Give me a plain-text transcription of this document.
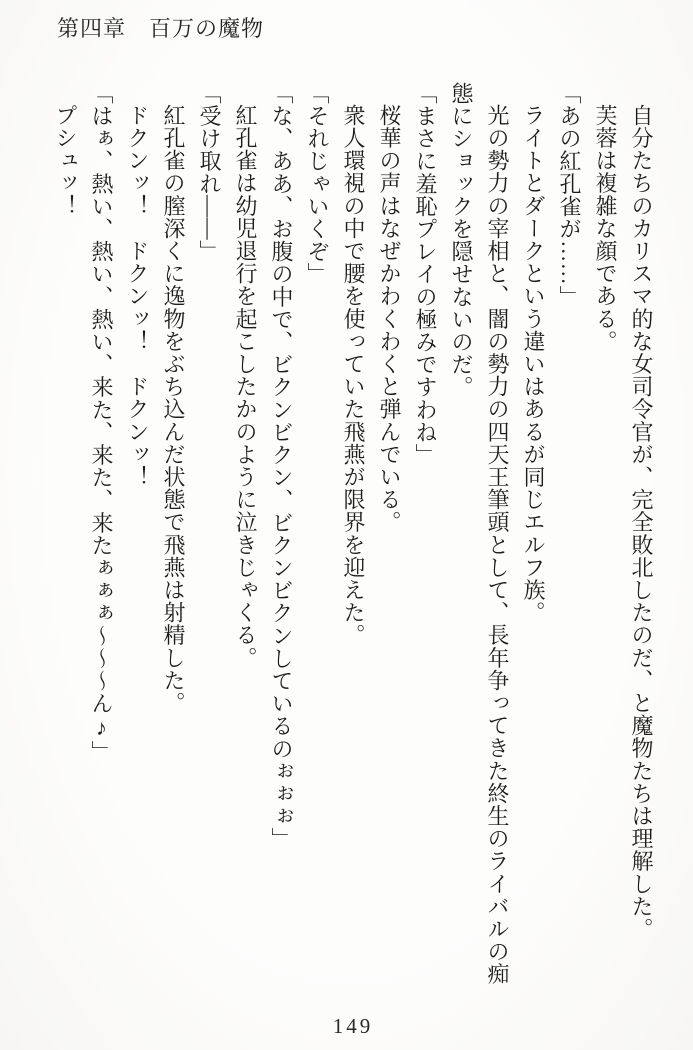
第四章　百万の魔物

自分たちのカリスマ的な女司令官が、完全敗北したのだ、と魔物たちは理解した。

芙蓉は複雑な顔である。

「あの紅孔雀が……」

ライトとダークという違いはあるが同じエルフ族。

光の勢力の宰相と、闇の勢力の四天王筆頭として、長年争ってきた終生のライバルの痴態にショックを隠せないのだ。

「まさに羞恥プレイの極みですわね」

桜華の声はなぜかわくわくと弾んでいる。

衆人環視の中で腰を使っていた飛燕が限界を迎えた。

「それじゃいくぞ」

「な、ああ、お腹の中で、ビクンビクン、ビクンビクンしているのぉぉぉ」

紅孔雀は幼児退行を起こしたかのように泣きじゃくる。

「受け取れ――」

紅孔雀の膣深くに逸物をぶち込んだ状態で飛燕は射精した。

ドクンッ！　ドクンッ！　ドクンッ！

「はぁ、熱い、熱い、熱い、来た、来た、来たぁぁぁ〜〜〜ん♪」

プシュッ！

149
